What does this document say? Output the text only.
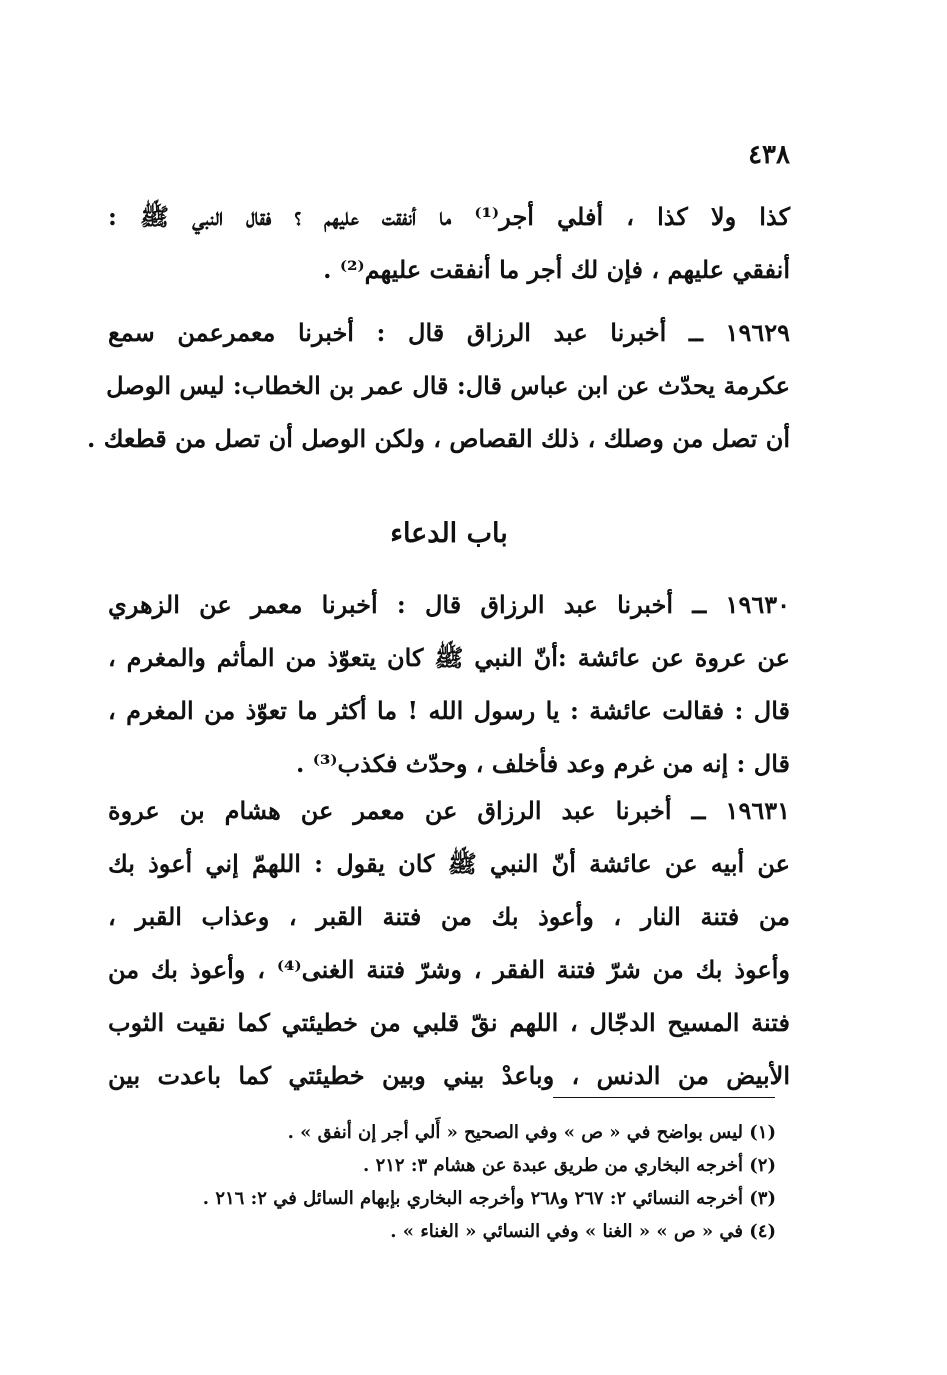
٤٣٨
كذا ولا كذا ، أفلي أجر⁽¹⁾ ما أنفقت عليهم ؟ فقال النبي ﷺ :
أنفقي عليهم ، فإن لك أجر ما أنفقت عليهم⁽²⁾ .
١٩٦٢٩ ــ أخبرنا عبد الرزاق قال : أخبرنا معمرعمن سمع
عكرمة يحدّث عن ابن عباس قال: قال عمر بن الخطاب: ليس الوصل
أن تصل من وصلك ، ذلك القصاص ، ولكن الوصل أن تصل من قطعك .
باب الدعاء
١٩٦٣٠ ــ أخبرنا عبد الرزاق قال : أخبرنا معمر عن الزهري
عن عروة عن عائشة :أنّ النبي ﷺ كان يتعوّذ من المأثم والمغرم ،
قال : فقالت عائشة : يا رسول الله ! ما أكثر ما تعوّذ من المغرم ،
قال : إنه من غرم وعد فأخلف ، وحدّث فكذب⁽³⁾ .
١٩٦٣١ ــ أخبرنا عبد الرزاق عن معمر عن هشام بن عروة
عن أبيه عن عائشة أنّ النبي ﷺ كان يقول : اللهمّ إني أعوذ بك
من فتنة النار ، وأعوذ بك من فتنة القبر ، وعذاب القبر ،
وأعوذ بك من شرّ فتنة الفقر ، وشرّ فتنة الغنى⁽⁴⁾ ، وأعوذ بك من
فتنة المسيح الدجّال ، اللهم نقّ قلبي من خطيئتي كما نقيت الثوب
الأبيض من الدنس ، وباعدْ بيني وبين خطيئتي كما باعدت بين
(١) ليس بواضح في « ص » وفي الصحيح « أَلي أجر إن أنفق » .
(٢) أخرجه البخاري من طريق عبدة عن هشام ٣: ٢١٢ .
(٣) أخرجه النسائي ٢: ٢٦٧ و٢٦٨ وأخرجه البخاري بإبهام السائل في ٢: ٢١٦ .
(٤) في « ص » « الغنا » وفي النسائي « الغناء » .
